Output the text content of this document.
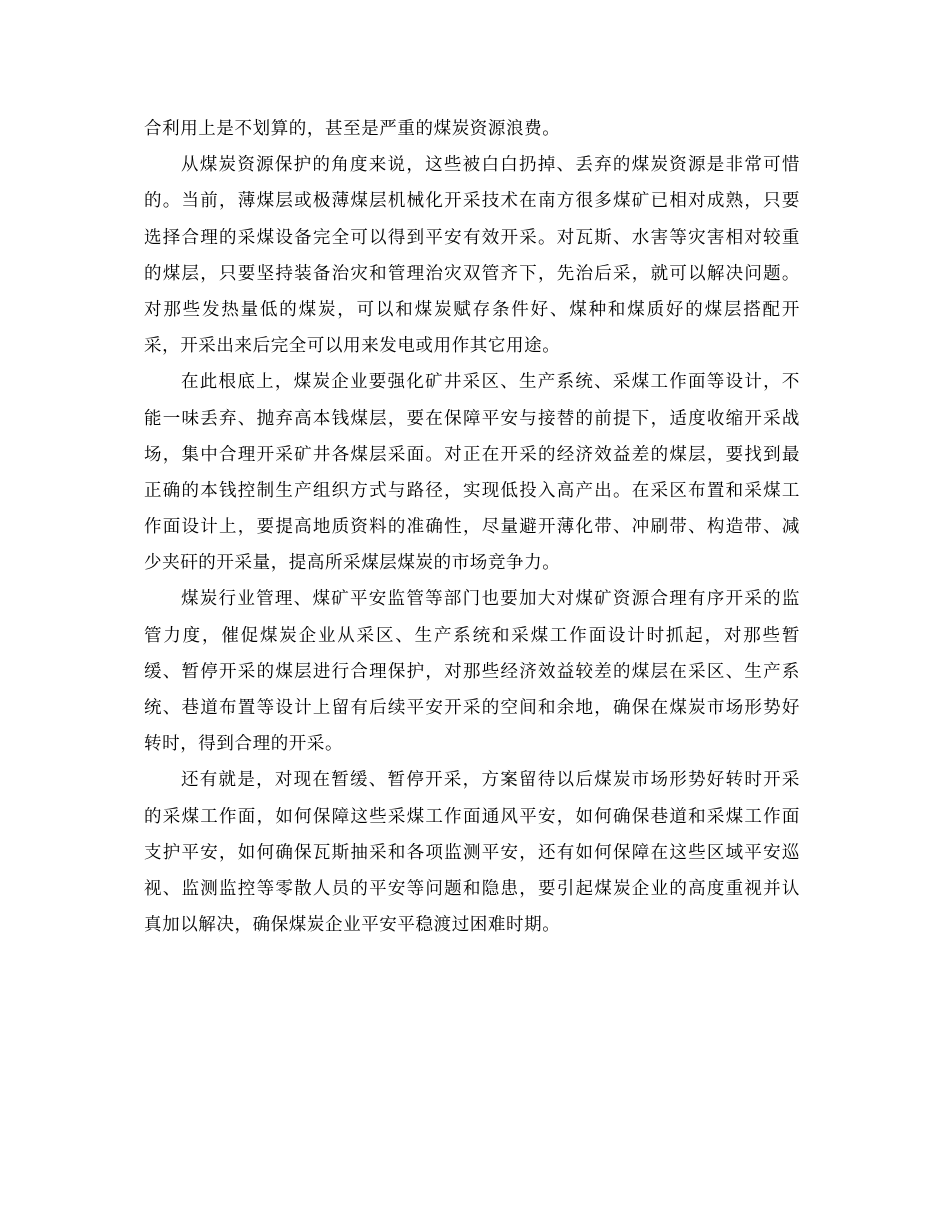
合利用上是不划算的，甚至是严重的煤炭资源浪费。
从煤炭资源保护的角度来说，这些被白白扔掉、丢弃的煤炭资源是非常可惜
的。当前，薄煤层或极薄煤层机械化开采技术在南方很多煤矿已相对成熟，只要
选择合理的采煤设备完全可以得到平安有效开采。对瓦斯、水害等灾害相对较重
的煤层，只要坚持装备治灾和管理治灾双管齐下，先治后采，就可以解决问题。
对那些发热量低的煤炭，可以和煤炭赋存条件好、煤种和煤质好的煤层搭配开
采，开采出来后完全可以用来发电或用作其它用途。
在此根底上，煤炭企业要强化矿井采区、生产系统、采煤工作面等设计，不
能一味丢弃、抛弃高本钱煤层，要在保障平安与接替的前提下，适度收缩开采战
场，集中合理开采矿井各煤层采面。对正在开采的经济效益差的煤层，要找到最
正确的本钱控制生产组织方式与路径，实现低投入高产出。在采区布置和采煤工
作面设计上，要提高地质资料的准确性，尽量避开薄化带、冲刷带、构造带、减
少夹矸的开采量，提高所采煤层煤炭的市场竞争力。
煤炭行业管理、煤矿平安监管等部门也要加大对煤矿资源合理有序开采的监
管力度，催促煤炭企业从采区、生产系统和采煤工作面设计时抓起，对那些暂
缓、暂停开采的煤层进行合理保护，对那些经济效益较差的煤层在采区、生产系
统、巷道布置等设计上留有后续平安开采的空间和余地，确保在煤炭市场形势好
转时，得到合理的开采。
还有就是，对现在暂缓、暂停开采，方案留待以后煤炭市场形势好转时开采
的采煤工作面，如何保障这些采煤工作面通风平安，如何确保巷道和采煤工作面
支护平安，如何确保瓦斯抽采和各项监测平安，还有如何保障在这些区域平安巡
视、监测监控等零散人员的平安等问题和隐患，要引起煤炭企业的高度重视并认
真加以解决，确保煤炭企业平安平稳渡过困难时期。
